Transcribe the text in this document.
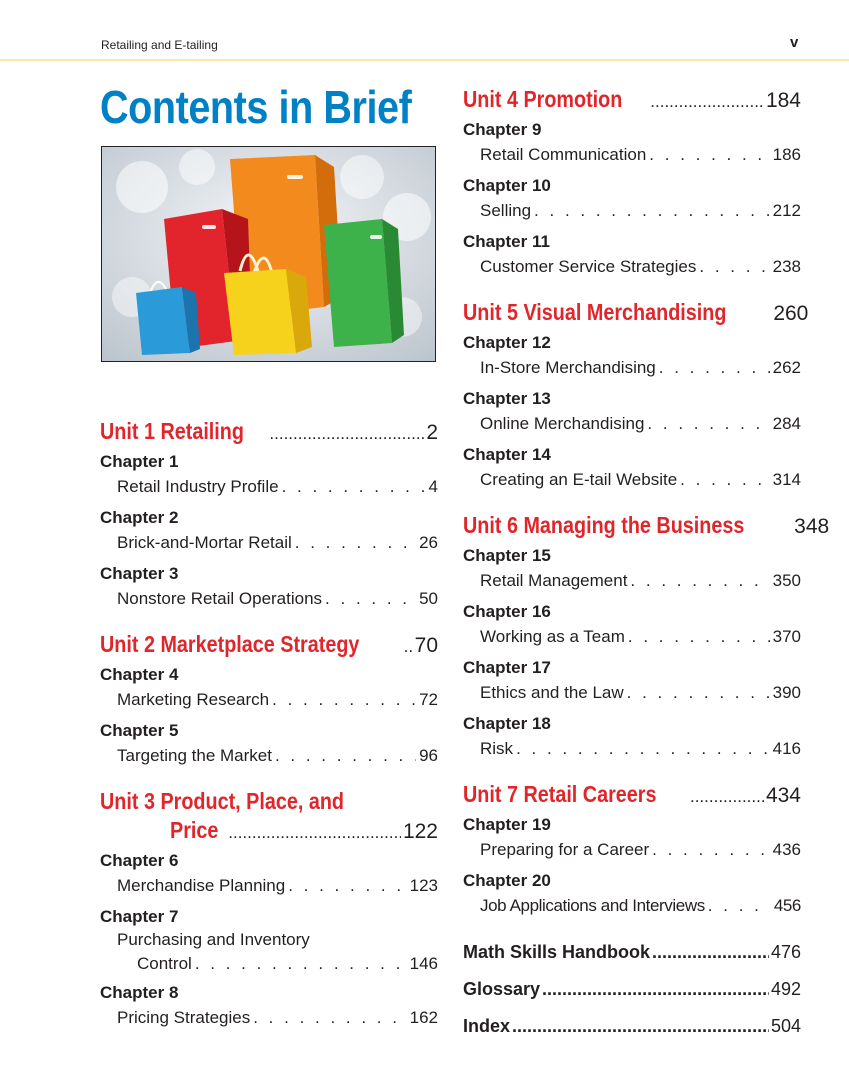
Retailing and E-tailing	v
Contents in Brief
Unit 1 Retailing .....	2
Chapter 1
Retail Industry Profile . . .	4
Chapter 2
Brick-and-Mortar Retail . . .	26
Chapter 3
Nonstore Retail Operations . . .	50
Unit 2 Marketplace Strategy .....	70
Chapter 4
Marketing Research . . .	72
Chapter 5
Targeting the Market . . .	96
Unit 3 Product, Place, and
Price .....	122
Chapter 6
Merchandise Planning . . .	123
Chapter 7
Purchasing and Inventory
Control . . .	146
Chapter 8
Pricing Strategies . . .	162
Unit 4 Promotion .....	184
Chapter 9
Retail Communication . . .	186
Chapter 10
Selling . . .	212
Chapter 11
Customer Service Strategies . . .	238
Unit 5 Visual Merchandising	260
Chapter 12
In-Store Merchandising . . .	262
Chapter 13
Online Merchandising . . .	284
Chapter 14
Creating an E-tail Website . . .	314
Unit 6 Managing the Business	348
Chapter 15
Retail Management . . .	350
Chapter 16
Working as a Team . . .	370
Chapter 17
Ethics and the Law . . .	390
Chapter 18
Risk . . .	416
Unit 7 Retail Careers .....	434
Chapter 19
Preparing for a Career . . .	436
Chapter 20
Job Applications and Interviews . . .	456
Math Skills Handbook .....	476
Glossary .....	492
Index .....	504
